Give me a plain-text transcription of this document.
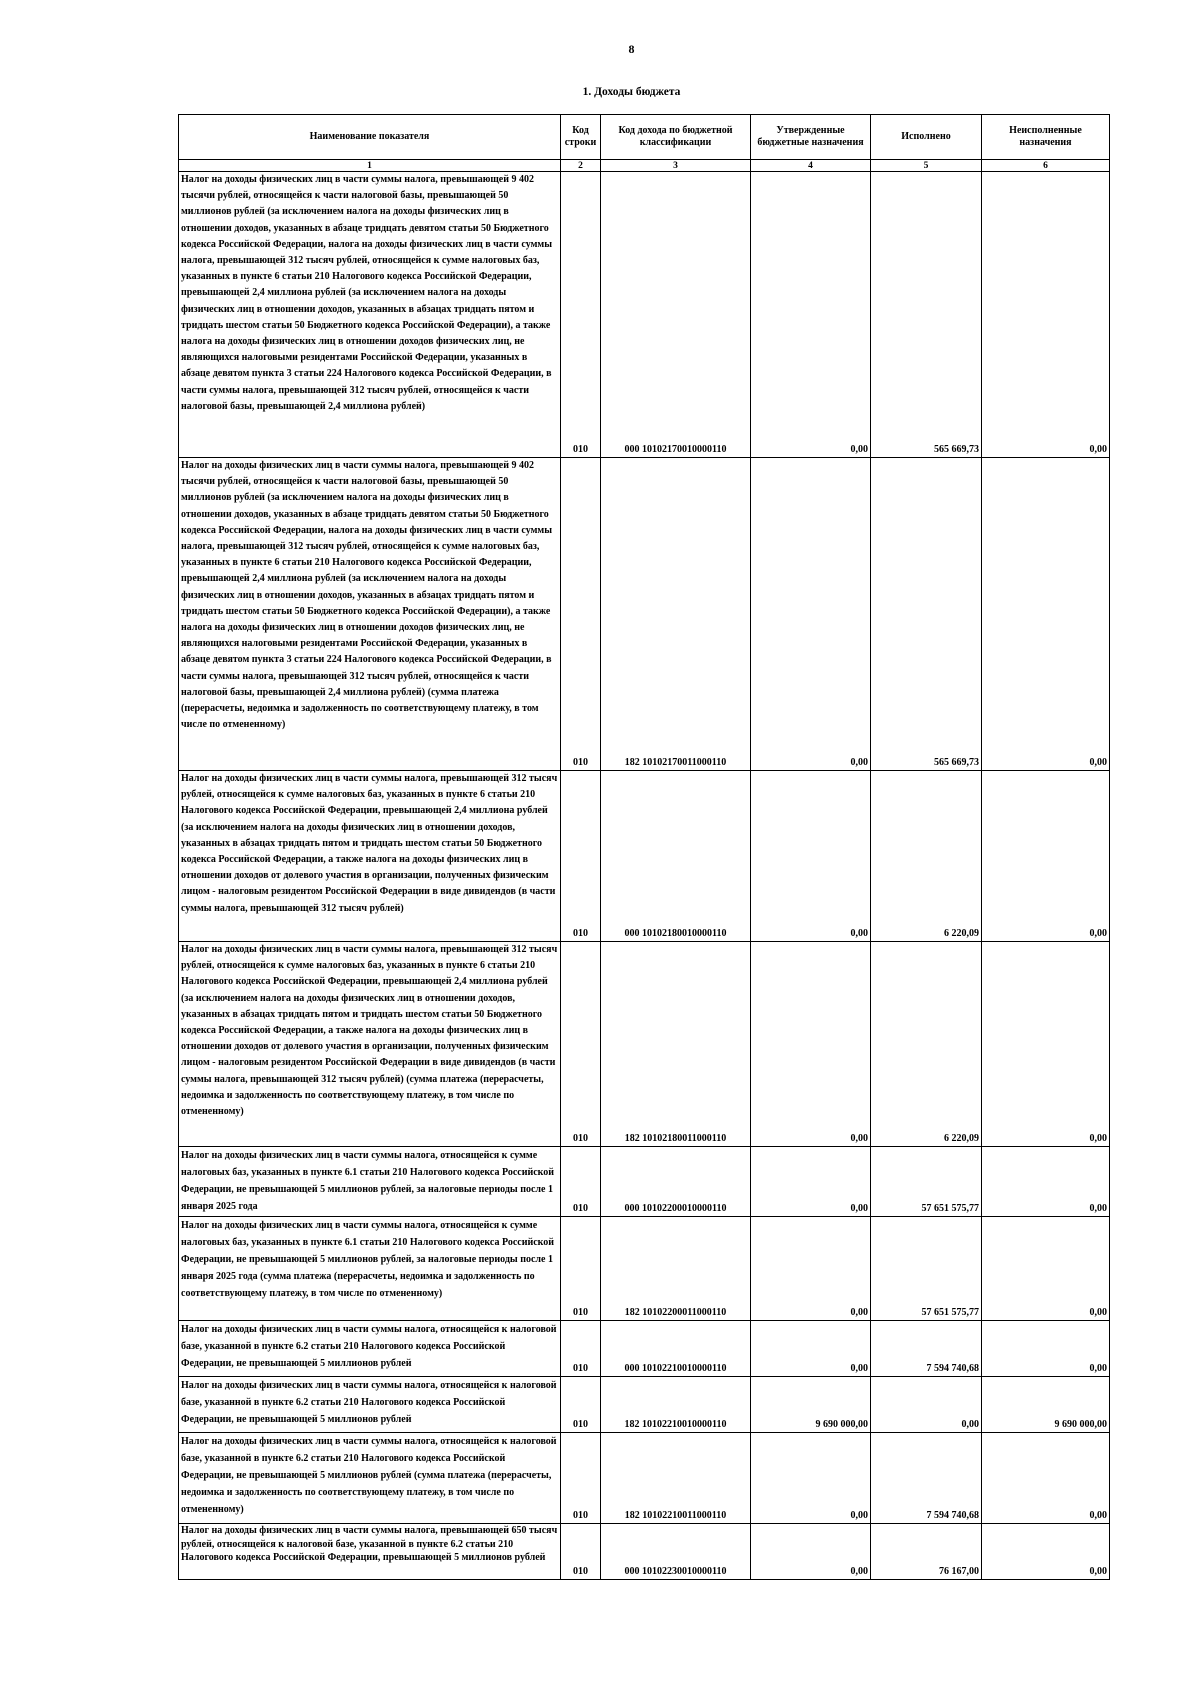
8
1. Доходы бюджета
Наименование показателя	Код строки	Код дохода по бюджетной классификации	Утвержденные бюджетные назначения	Исполнено	Неисполненные назначения
1	2	3	4	5	6
Налог на доходы физических лиц в части суммы налога, превышающей 9 402 тысячи рублей, относящейся к части налоговой базы, превышающей 50 миллионов рублей (за исключением налога на доходы физических лиц в отношении доходов, указанных в абзаце тридцать девятом статьи 50 Бюджетного кодекса Российской Федерации, налога на доходы физических лиц в части суммы налога, превышающей 312 тысяч рублей, относящейся к сумме налоговых баз, указанных в пункте 6 статьи 210 Налогового кодекса Российской Федерации, превышающей 2,4 миллиона рублей (за исключением налога на доходы физических лиц в отношении доходов, указанных в абзацах тридцать пятом и тридцать шестом статьи 50 Бюджетного кодекса Российской Федерации), а также налога на доходы физических лиц в отношении доходов физических лиц, не являющихся налоговыми резидентами Российской Федерации, указанных в абзаце девятом пункта 3 статьи 224 Налогового кодекса Российской Федерации, в части суммы налога, превышающей 312 тысяч рублей, относящейся к части налоговой базы, превышающей 2,4 миллиона рублей)	010	000 10102170010000110	0,00	565 669,73	0,00
Налог на доходы физических лиц в части суммы налога, превышающей 9 402 тысячи рублей, относящейся к части налоговой базы, превышающей 50 миллионов рублей (за исключением налога на доходы физических лиц в отношении доходов, указанных в абзаце тридцать девятом статьи 50 Бюджетного кодекса Российской Федерации, налога на доходы физических лиц в части суммы налога, превышающей 312 тысяч рублей, относящейся к сумме налоговых баз, указанных в пункте 6 статьи 210 Налогового кодекса Российской Федерации, превышающей 2,4 миллиона рублей (за исключением налога на доходы физических лиц в отношении доходов, указанных в абзацах тридцать пятом и тридцать шестом статьи 50 Бюджетного кодекса Российской Федерации), а также налога на доходы физических лиц в отношении доходов физических лиц, не являющихся налоговыми резидентами Российской Федерации, указанных в абзаце девятом пункта 3 статьи 224 Налогового кодекса Российской Федерации, в части суммы налога, превышающей 312 тысяч рублей, относящейся к части налоговой базы, превышающей 2,4 миллиона рублей) (сумма платежа (перерасчеты, недоимка и задолженность по соответствующему платежу, в том числе по отмененному)	010	182 10102170011000110	0,00	565 669,73	0,00
Налог на доходы физических лиц в части суммы налога, превышающей 312 тысяч рублей, относящейся к сумме налоговых баз, указанных в пункте 6 статьи 210 Налогового кодекса Российской Федерации, превышающей 2,4 миллиона рублей (за исключением налога на доходы физических лиц в отношении доходов, указанных в абзацах тридцать пятом и тридцать шестом статьи 50 Бюджетного кодекса Российской Федерации, а также налога на доходы физических лиц в отношении доходов от долевого участия в организации, полученных физическим лицом - налоговым резидентом Российской Федерации в виде дивидендов (в части суммы налога, превышающей 312 тысяч рублей)	010	000 10102180010000110	0,00	6 220,09	0,00
Налог на доходы физических лиц в части суммы налога, превышающей 312 тысяч рублей, относящейся к сумме налоговых баз, указанных в пункте 6 статьи 210 Налогового кодекса Российской Федерации, превышающей 2,4 миллиона рублей (за исключением налога на доходы физических лиц в отношении доходов, указанных в абзацах тридцать пятом и тридцать шестом статьи 50 Бюджетного кодекса Российской Федерации, а также налога на доходы физических лиц в отношении доходов от долевого участия в организации, полученных физическим лицом - налоговым резидентом Российской Федерации в виде дивидендов (в части суммы налога, превышающей 312 тысяч рублей) (сумма платежа (перерасчеты, недоимка и задолженность по соответствующему платежу, в том числе по отмененному)	010	182 10102180011000110	0,00	6 220,09	0,00
Налог на доходы физических лиц в части суммы налога, относящейся к сумме налоговых баз, указанных в пункте 6.1 статьи 210 Налогового кодекса Российской Федерации, не превышающей 5 миллионов рублей, за налоговые периоды после 1 января 2025 года	010	000 10102200010000110	0,00	57 651 575,77	0,00
Налог на доходы физических лиц в части суммы налога, относящейся к сумме налоговых баз, указанных в пункте 6.1 статьи 210 Налогового кодекса Российской Федерации, не превышающей 5 миллионов рублей, за налоговые периоды после 1 января 2025 года (сумма платежа (перерасчеты, недоимка и задолженность по соответствующему платежу, в том числе по отмененному)	010	182 10102200011000110	0,00	57 651 575,77	0,00
Налог на доходы физических лиц в части суммы налога, относящейся к налоговой базе, указанной в пункте 6.2 статьи 210 Налогового кодекса Российской Федерации, не превышающей 5 миллионов рублей	010	000 10102210010000110	0,00	7 594 740,68	0,00
Налог на доходы физических лиц в части суммы налога, относящейся к налоговой базе, указанной в пункте 6.2 статьи 210 Налогового кодекса Российской Федерации, не превышающей 5 миллионов рублей	010	182 10102210010000110	9 690 000,00	0,00	9 690 000,00
Налог на доходы физических лиц в части суммы налога, относящейся к налоговой базе, указанной в пункте 6.2 статьи 210 Налогового кодекса Российской Федерации, не превышающей 5 миллионов рублей (сумма платежа (перерасчеты, недоимка и задолженность по соответствующему платежу, в том числе по отмененному)	010	182 10102210011000110	0,00	7 594 740,68	0,00
Налог на доходы физических лиц в части суммы налога, превышающей 650 тысяч рублей, относящейся к налоговой базе, указанной в пункте 6.2 статьи 210 Налогового кодекса Российской Федерации, превышающей 5 миллионов рублей	010	000 10102230010000110	0,00	76 167,00	0,00
